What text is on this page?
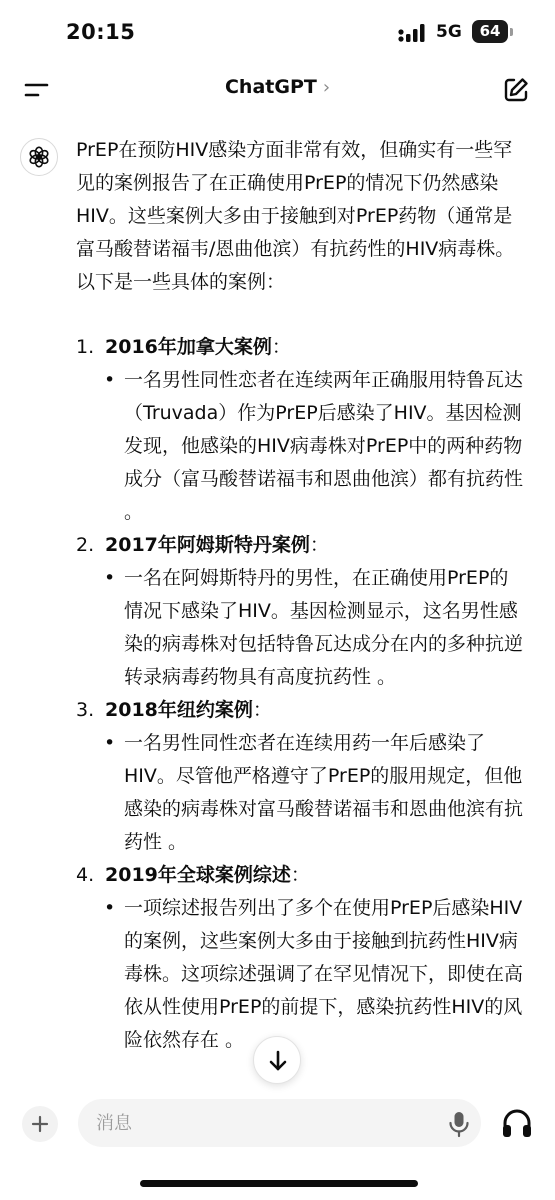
20:15	5G	64
ChatGPT ›

PrEP在预防HIV感染方面非常有效，但确实有一些罕见的案例报告了在正确使用PrEP的情况下仍然感染HIV。这些案例大多由于接触到对PrEP药物（通常是富马酸替诺福韦/恩曲他滨）有抗药性的HIV病毒株。以下是一些具体的案例：

1. 2016年加拿大案例：
• 一名男性同性恋者在连续两年正确服用特鲁瓦达（Truvada）作为PrEP后感染了HIV。基因检测发现，他感染的HIV病毒株对PrEP中的两种药物成分（富马酸替诺福韦和恩曲他滨）都有抗药性 。
2. 2017年阿姆斯特丹案例：
• 一名在阿姆斯特丹的男性，在正确使用PrEP的情况下感染了HIV。基因检测显示，这名男性感染的病毒株对包括特鲁瓦达成分在内的多种抗逆转录病毒药物具有高度抗药性 。
3. 2018年纽约案例：
• 一名男性同性恋者在连续用药一年后感染了HIV。尽管他严格遵守了PrEP的服用规定，但他感染的病毒株对富马酸替诺福韦和恩曲他滨有抗药性 。
4. 2019年全球案例综述：
• 一项综述报告列出了多个在使用PrEP后感染HIV的案例，这些案例大多由于接触到抗药性HIV病毒株。这项综述强调了在罕见情况下，即使在高依从性使用PrEP的前提下，感染抗药性HIV的风险依然存在 。
消息
